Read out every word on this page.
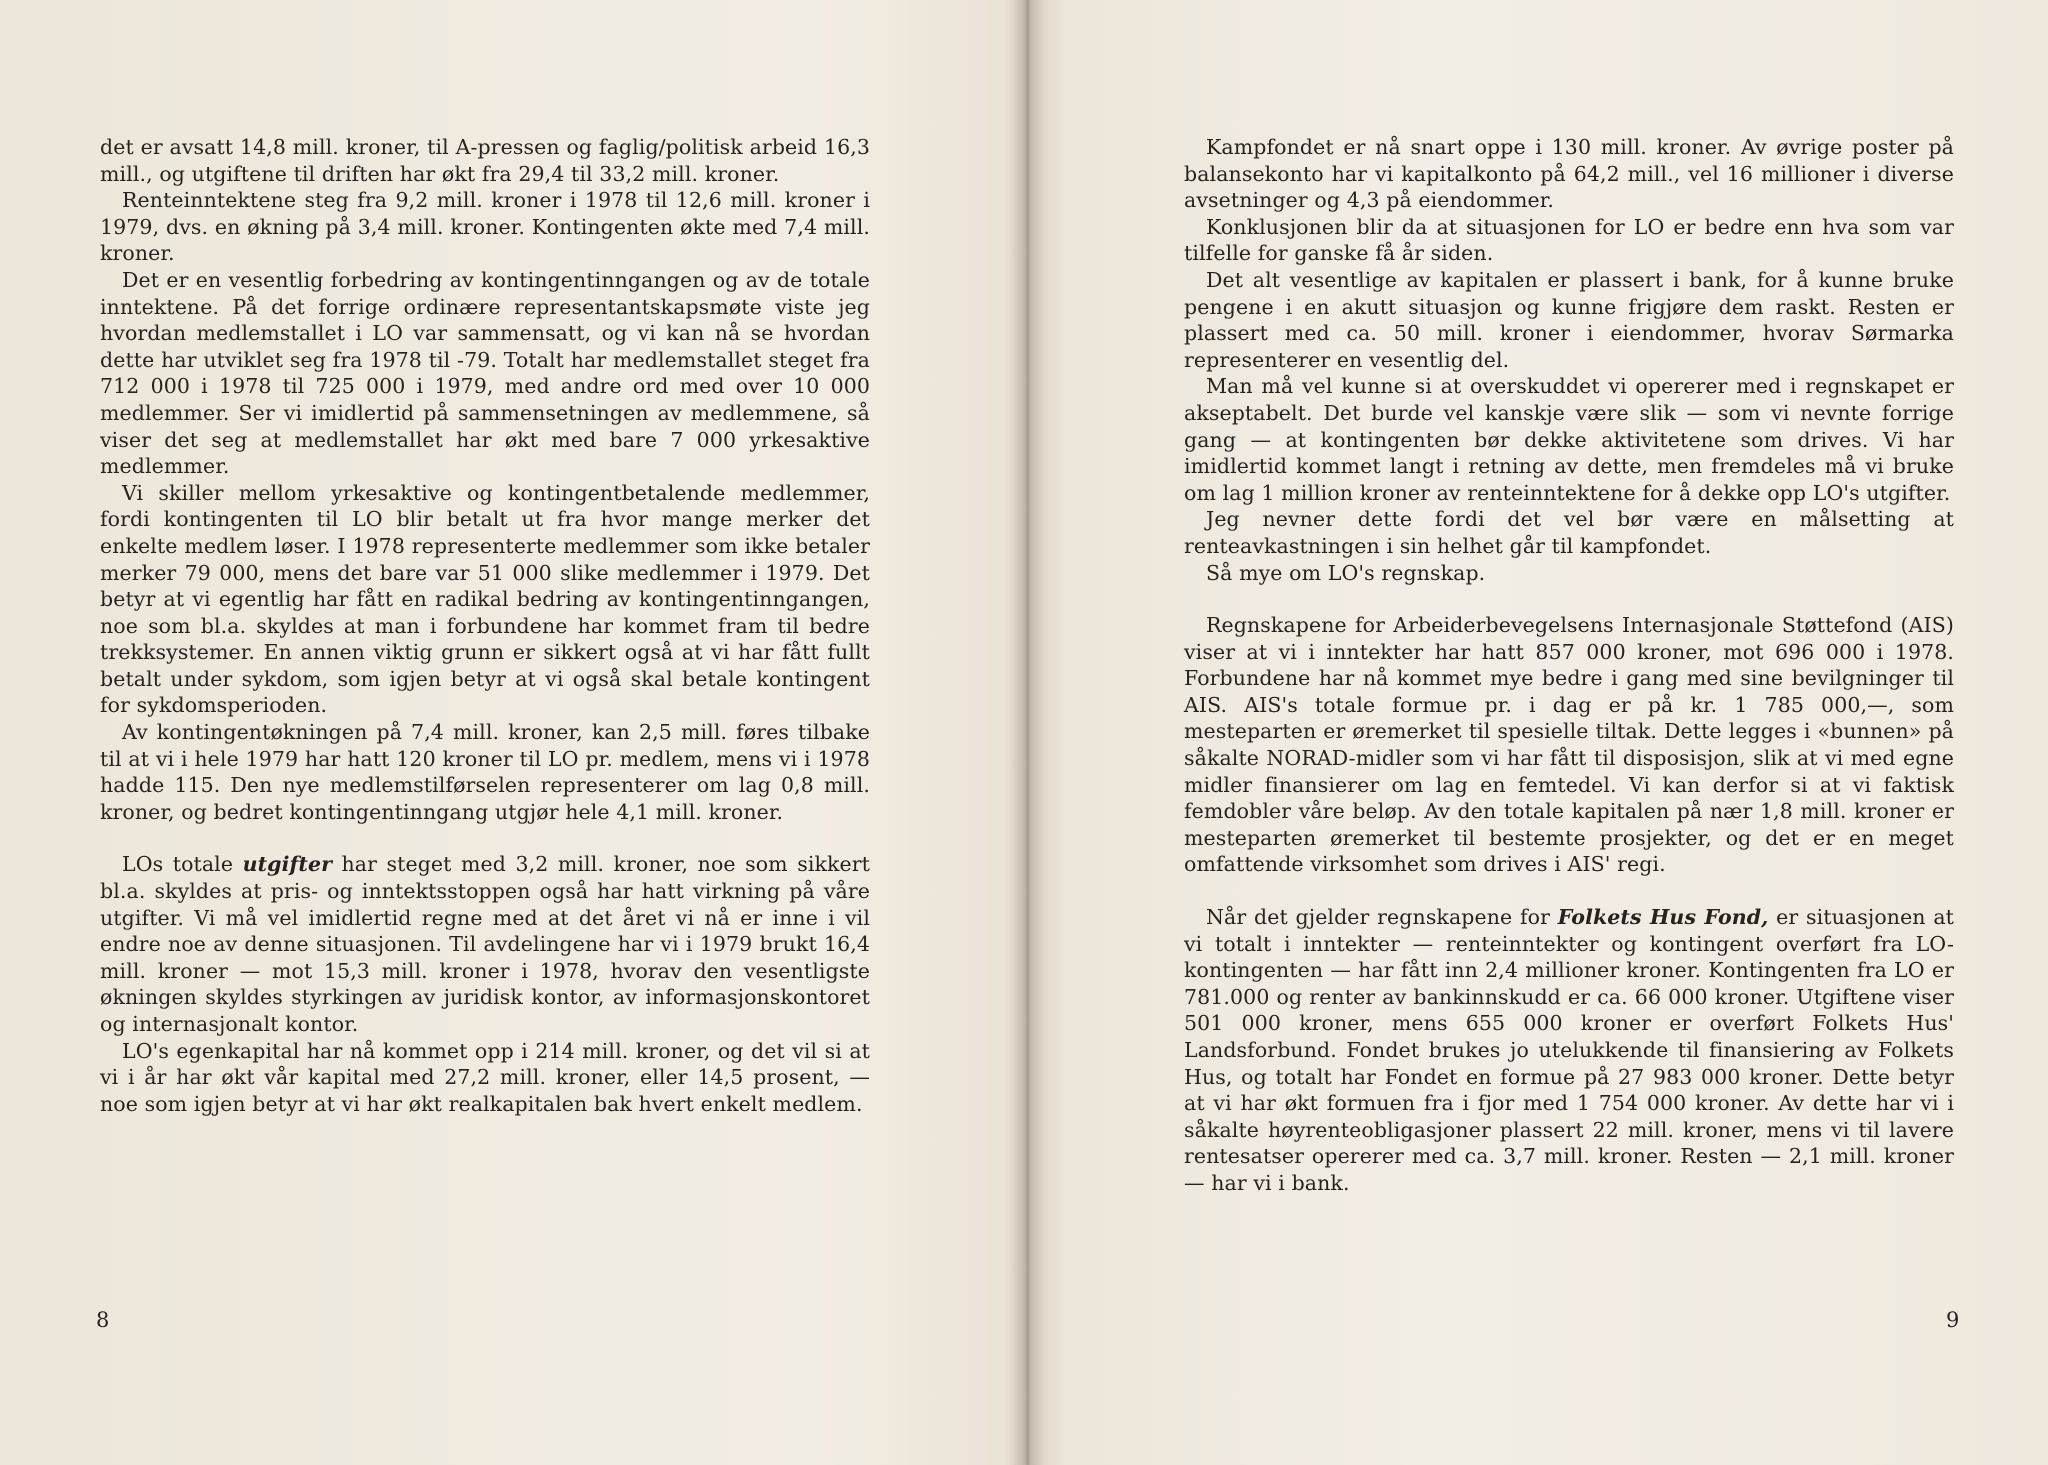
det er avsatt 14,8 mill. kroner, til A-pressen og faglig/politisk arbeid 16,3 mill., og utgiftene til driften har økt fra 29,4 til 33,2 mill. kroner.

Renteinntektene steg fra 9,2 mill. kroner i 1978 til 12,6 mill. kroner i 1979, dvs. en økning på 3,4 mill. kroner. Kontingenten økte med 7,4 mill. kroner.

Det er en vesentlig forbedring av kontingentinngangen og av de totale inntektene. På det forrige ordinære representantskapsmøte viste jeg hvordan medlemstallet i LO var sammensatt, og vi kan nå se hvordan dette har utviklet seg fra 1978 til -79. Totalt har medlemstallet steget fra 712 000 i 1978 til 725 000 i 1979, med andre ord med over 10 000 medlemmer. Ser vi imidlertid på sammensetningen av medlemmene, så viser det seg at medlemstallet har økt med bare 7 000 yrkesaktive medlemmer.

Vi skiller mellom yrkesaktive og kontingentbetalende medlemmer, fordi kontingenten til LO blir betalt ut fra hvor mange merker det enkelte medlem løser. I 1978 representerte medlemmer som ikke betaler merker 79 000, mens det bare var 51 000 slike medlemmer i 1979. Det betyr at vi egentlig har fått en radikal bedring av kontingentinngangen, noe som bl.a. skyldes at man i forbundene har kommet fram til bedre trekksystemer. En annen viktig grunn er sikkert også at vi har fått fullt betalt under sykdom, som igjen betyr at vi også skal betale kontingent for sykdomsperioden.

Av kontingentøkningen på 7,4 mill. kroner, kan 2,5 mill. føres tilbake til at vi i hele 1979 har hatt 120 kroner til LO pr. medlem, mens vi i 1978 hadde 115. Den nye medlemstilførselen representerer om lag 0,8 mill. kroner, og bedret kontingentinngang utgjør hele 4,1 mill. kroner.

LOs totale utgifter har steget med 3,2 mill. kroner, noe som sikkert bl.a. skyldes at pris- og inntektsstoppen også har hatt virkning på våre utgifter. Vi må vel imidlertid regne med at det året vi nå er inne i vil endre noe av denne situasjonen. Til avdelingene har vi i 1979 brukt 16,4 mill. kroner — mot 15,3 mill. kroner i 1978, hvorav den vesentligste økningen skyldes styrkingen av juridisk kontor, av informasjonskontoret og internasjonalt kontor.

LO's egenkapital har nå kommet opp i 214 mill. kroner, og det vil si at vi i år har økt vår kapital med 27,2 mill. kroner, eller 14,5 prosent, — noe som igjen betyr at vi har økt realkapitalen bak hvert enkelt medlem.

8

Kampfondet er nå snart oppe i 130 mill. kroner. Av øvrige poster på balansekonto har vi kapitalkonto på 64,2 mill., vel 16 millioner i diverse avsetninger og 4,3 på eiendommer.

Konklusjonen blir da at situasjonen for LO er bedre enn hva som var tilfelle for ganske få år siden.

Det alt vesentlige av kapitalen er plassert i bank, for å kunne bruke pengene i en akutt situasjon og kunne frigjøre dem raskt. Resten er plassert med ca. 50 mill. kroner i eiendommer, hvorav Sørmarka representerer en vesentlig del.

Man må vel kunne si at overskuddet vi opererer med i regnskapet er akseptabelt. Det burde vel kanskje være slik — som vi nevnte forrige gang — at kontingenten bør dekke aktivitetene som drives. Vi har imidlertid kommet langt i retning av dette, men fremdeles må vi bruke om lag 1 million kroner av renteinntektene for å dekke opp LO's utgifter.

Jeg nevner dette fordi det vel bør være en målsetting at renteavkastningen i sin helhet går til kampfondet.

Så mye om LO's regnskap.

Regnskapene for Arbeiderbevegelsens Internasjonale Støttefond (AIS) viser at vi i inntekter har hatt 857 000 kroner, mot 696 000 i 1978. Forbundene har nå kommet mye bedre i gang med sine bevilgninger til AIS. AIS's totale formue pr. i dag er på kr. 1 785 000,—, som mesteparten er øremerket til spesielle tiltak. Dette legges i «bunnen» på såkalte NORAD-midler som vi har fått til disposisjon, slik at vi med egne midler finansierer om lag en femtedel. Vi kan derfor si at vi faktisk femdobler våre beløp. Av den totale kapitalen på nær 1,8 mill. kroner er mesteparten øremerket til bestemte prosjekter, og det er en meget omfattende virksomhet som drives i AIS' regi.

Når det gjelder regnskapene for Folkets Hus Fond, er situasjonen at vi totalt i inntekter — renteinntekter og kontingent overført fra LO-kontingenten — har fått inn 2,4 millioner kroner. Kontingenten fra LO er 781.000 og renter av bankinnskudd er ca. 66 000 kroner. Utgiftene viser 501 000 kroner, mens 655 000 kroner er overført Folkets Hus' Landsforbund. Fondet brukes jo utelukkende til finansiering av Folkets Hus, og totalt har Fondet en formue på 27 983 000 kroner. Dette betyr at vi har økt formuen fra i fjor med 1 754 000 kroner. Av dette har vi i såkalte høyrenteobligasjoner plassert 22 mill. kroner, mens vi til lavere rentesatser opererer med ca. 3,7 mill. kroner. Resten — 2,1 mill. kroner — har vi i bank.

9
